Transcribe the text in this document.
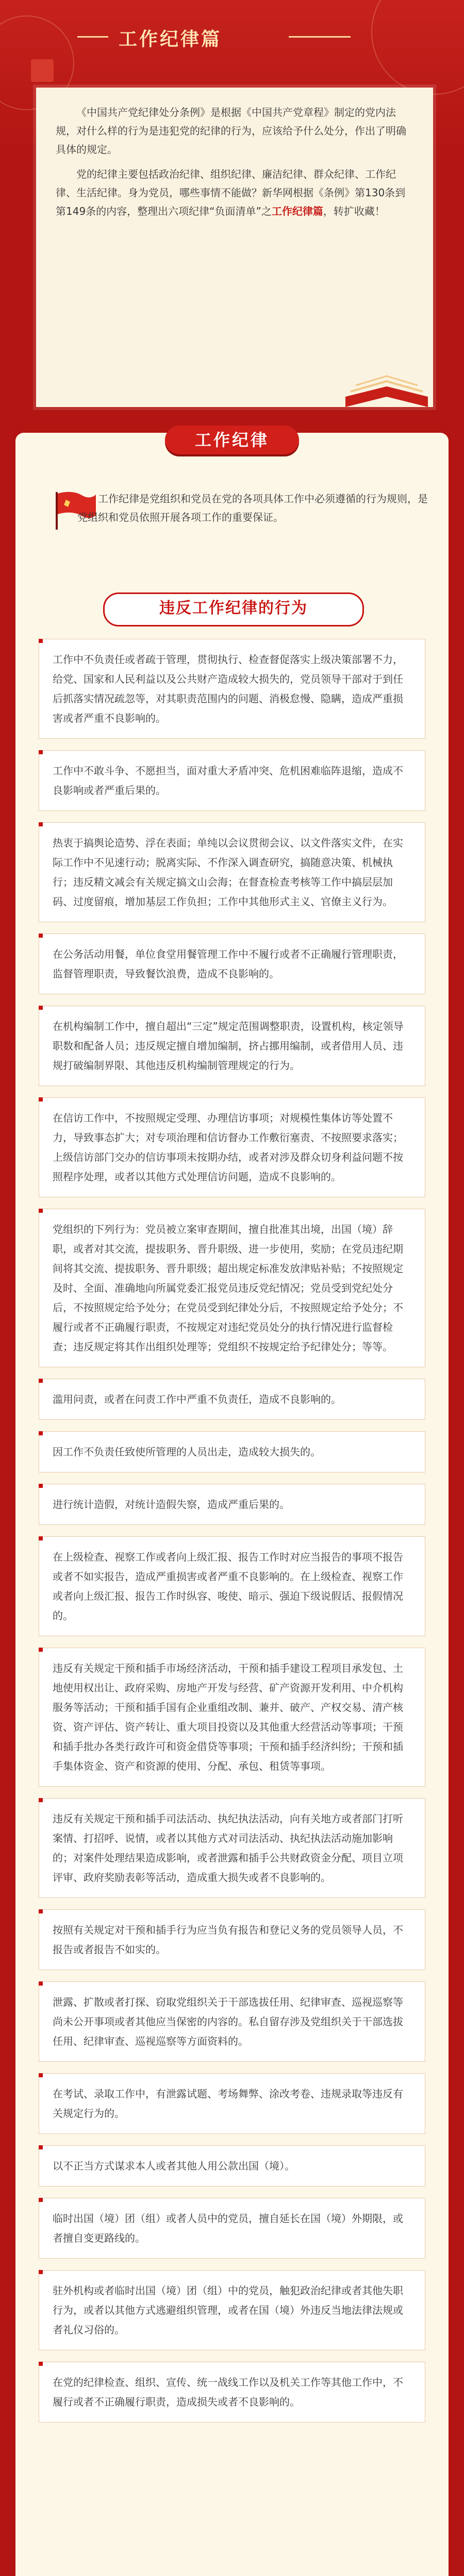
工作纪律篇

《中国共产党纪律处分条例》是根据《中国共产党章程》制定的党内法规，对什么样的行为是违犯党的纪律的行为，应该给予什么处分，作出了明确具体的规定。

党的纪律主要包括政治纪律、组织纪律、廉洁纪律、群众纪律、工作纪律、生活纪律。身为党员，哪些事情不能做？新华网根据《条例》第130条到第149条的内容，整理出六项纪律“负面清单”之工作纪律篇，转扩收藏！

工作纪律
工作纪律是党组织和党员在党的各项具体工作中必须遵循的行为规则，是党组织和党员依照开展各项工作的重要保证。
违反工作纪律的行为
工作中不负责任或者疏于管理，贯彻执行、检查督促落实上级决策部署不力，给党、国家和人民利益以及公共财产造成较大损失的，党员领导干部对于到任后抓落实情况疏忽等，对其职责范围内的问题、消极怠慢、隐瞒，造成严重损害或者严重不良影响的。
工作中不敢斗争、不愿担当，面对重大矛盾冲突、危机困难临阵退缩，造成不良影响或者严重后果的。
热衷于搞舆论造势、浮在表面；单纯以会议贯彻会议、以文件落实文件，在实际工作中不见速行动；脱离实际、不作深入调查研究，搞随意决策、机械执行；违反精文减会有关规定搞文山会海；在督查检查考核等工作中搞层层加码、过度留痕，增加基层工作负担；工作中其他形式主义、官僚主义行为。
在公务活动用餐，单位食堂用餐管理工作中不履行或者不正确履行管理职责，监督管理职责，导致餐饮浪费，造成不良影响的。
在机构编制工作中，擅自超出“三定”规定范围调整职责，设置机构，核定领导职数和配备人员；违反规定擅自增加编制，挤占挪用编制，或者借用人员、违规打破编制界限、其他违反机构编制管理规定的行为。
在信访工作中，不按照规定受理、办理信访事项；对规模性集体访等处置不力，导致事态扩大；对专项治理和信访督办工作敷衍塞责、不按照要求落实；上级信访部门交办的信访事项未按期办结，或者对涉及群众切身利益问题不按照程序处理，或者以其他方式处理信访问题，造成不良影响的。
党组织的下列行为：党员被立案审查期间，擅自批准其出境，出国（境）辞职，或者对其交流，提拔职务、晋升职级、进一步使用，奖励；在党员违纪期间将其交流、提拔职务、晋升职级；超出规定标准发放津贴补贴；不按照规定及时、全面、准确地向所属党委汇报党员违反党纪情况；党员受到党纪处分后，不按照规定给予处分；在党员受到纪律处分后，不按照规定给予处分；不履行或者不正确履行职责，不按规定对违纪党员处分的执行情况进行监督检查；违反规定将其作出组织处理等；党组织不按规定给予纪律处分；等等。
滥用问责，或者在问责工作中严重不负责任，造成不良影响的。
因工作不负责任致使所管理的人员出走，造成较大损失的。
进行统计造假，对统计造假失察，造成严重后果的。
在上级检查、视察工作或者向上级汇报、报告工作时对应当报告的事项不报告或者不如实报告，造成严重损害或者严重不良影响的。在上级检查、视察工作或者向上级汇报、报告工作时纵容、唆使、暗示、强迫下级说假话、报假情况的。
违反有关规定干预和插手市场经济活动，干预和插手建设工程项目承发包、土地使用权出让、政府采购、房地产开发与经营、矿产资源开发利用、中介机构服务等活动；干预和插手国有企业重组改制、兼并、破产、产权交易、清产核资、资产评估、资产转让、重大项目投资以及其他重大经营活动等事项；干预和插手批办各类行政许可和资金借贷等事项；干预和插手经济纠纷；干预和插手集体资金、资产和资源的使用、分配、承包、租赁等事项。
违反有关规定干预和插手司法活动、执纪执法活动，向有关地方或者部门打听案情、打招呼、说情，或者以其他方式对司法活动、执纪执法活动施加影响的；对案件处理结果造成影响，或者泄露和插手公共财政资金分配、项目立项评审、政府奖励表彰等活动，造成重大损失或者不良影响的。
按照有关规定对干预和插手行为应当负有报告和登记义务的党员领导人员，不报告或者报告不如实的。
泄露、扩散或者打探、窃取党组织关于干部选拔任用、纪律审查、巡视巡察等尚未公开事项或者其他应当保密的内容的。私自留存涉及党组织关于干部选拔任用、纪律审查、巡视巡察等方面资料的。
在考试、录取工作中，有泄露试题、考场舞弊、涂改考卷、违规录取等违反有关规定行为的。
以不正当方式谋求本人或者其他人用公款出国（境）。
临时出国（境）团（组）或者人员中的党员，擅自延长在国（境）外期限，或者擅自变更路线的。
驻外机构或者临时出国（境）团（组）中的党员，触犯政治纪律或者其他失职行为，或者以其他方式逃避组织管理，或者在国（境）外违反当地法律法规或者礼仪习俗的。
在党的纪律检查、组织、宣传、统一战线工作以及机关工作等其他工作中，不履行或者不正确履行职责，造成损失或者不良影响的。
